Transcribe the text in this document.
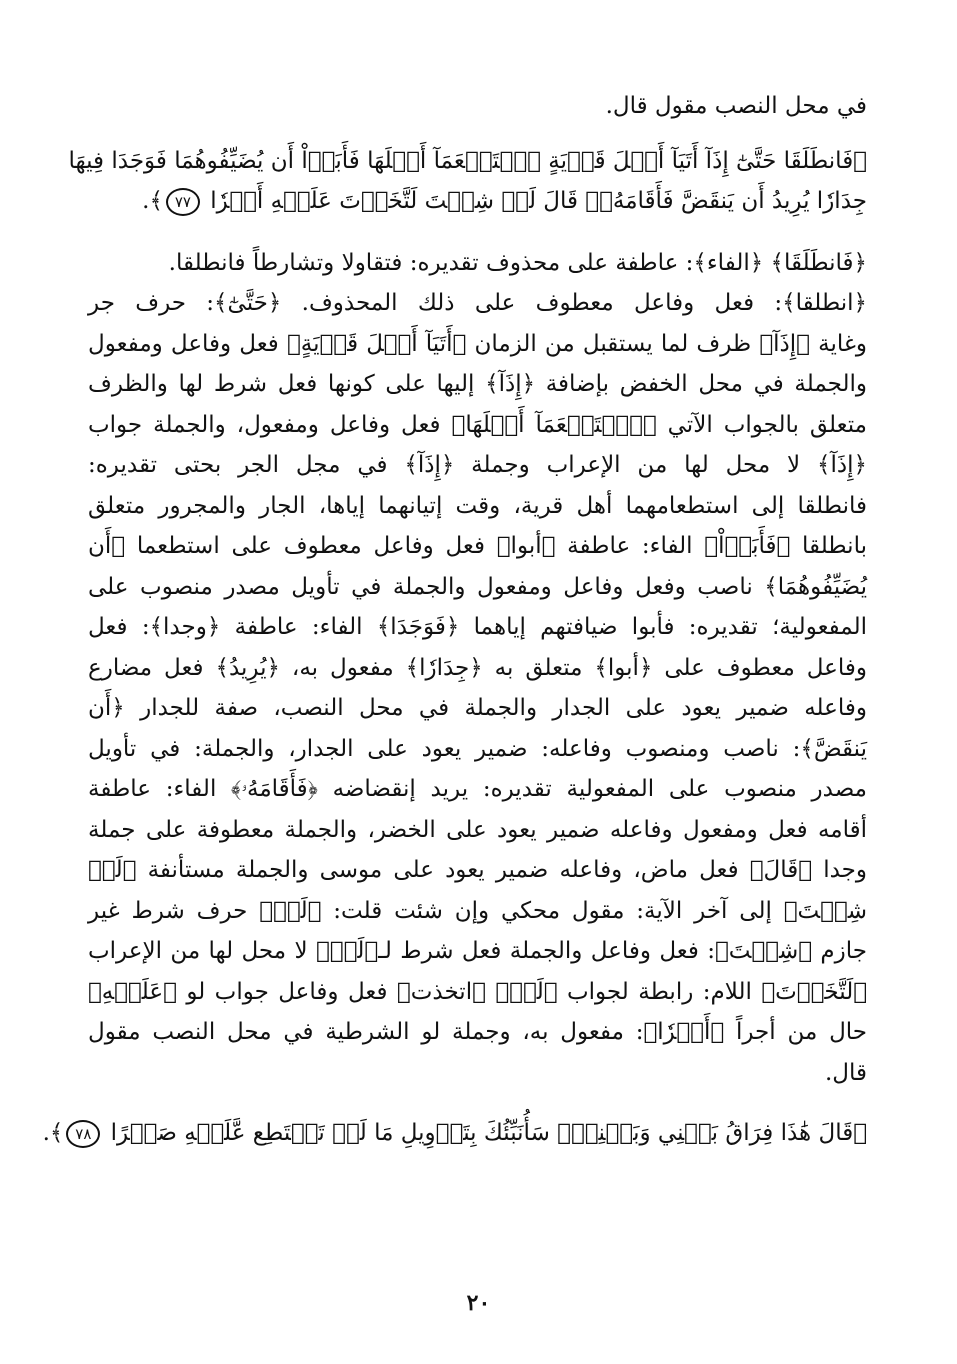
في محل النصب مقول قال.
﴿فَانطَلَقَا حَتَّىٰٓ إِذَآ أَتَيَآ أَهۡلَ قَرۡيَةٍ ٱسۡتَطۡعَمَآ أَهۡلَهَا فَأَبَوۡاْ أَن يُضَيِّفُوهُمَا فَوَجَدَا فِيهَا
جِدَارٗا يُرِيدُ أَن يَنقَضَّ فَأَقَامَهُۥۖ قَالَ لَوۡ شِئۡتَ لَتَّخَذۡتَ عَلَيۡهِ أَجۡرٗا ٧٧﴾.
﴿فَانطَلَقَا﴾ ﴿الفاء﴾: عاطفة على محذوف تقديره: فتقاولا وتشارطاً فانطلقا.
﴿انطلقا﴾: فعل وفاعل معطوف على ذلك المحذوف. ﴿حَتَّىٰٓ﴾: حرف جر
وغاية ﴿إِذَآ﴾ ظرف لما يستقبل من الزمان ﴿أَتَيَآ أَهۡلَ قَرۡيَةٍ﴾ فعل وفاعل ومفعول
والجملة في محل الخفض بإضافة ﴿إِذَآ﴾ إليها على كونها فعل شرط لها والظرف
متعلق بالجواب الآتي ﴿ٱسۡتَطۡعَمَآ أَهۡلَهَا﴾ فعل وفاعل ومفعول، والجملة جواب
﴿إِذَآ﴾ لا محل لها من الإعراب وجملة ﴿إِذَآ﴾ في مجل الجر بحتى تقديره:
فانطلقا إلى استطعامهما أهل قرية، وقت إتيانهما إياها، الجار والمجرور متعلق
بانطلقا ﴿فَأَبَوۡاْ﴾ الفاء: عاطفة ﴿أبوا﴾ فعل وفاعل معطوف على استطعما ﴿أَن
يُضَيِّفُوهُمَا﴾ ناصب وفعل وفاعل ومفعول والجملة في تأويل مصدر منصوب على
المفعولية؛ تقديره: فأبوا ضيافتهم إياهما ﴿فَوَجَدَا﴾ الفاء: عاطفة ﴿وجدا﴾: فعل
وفاعل معطوف على ﴿أبوا﴾ متعلق به ﴿جِدَارٗا﴾ مفعول به، ﴿يُرِيدُ﴾ فعل مضارع
وفاعله ضمير يعود على الجدار والجملة في محل النصب، صفة للجدار ﴿أَن
يَنقَضَّ﴾: ناصب ومنصوب وفاعله: ضمير يعود على الجدار، والجملة: في تأويل
مصدر منصوب على المفعولية تقديره: يريد إنقضاضه ﴿فَأَقَامَهُۥ﴾ الفاء: عاطفة
أقامه فعل ومفعول وفاعله ضمير يعود على الخضر، والجملة معطوفة على جملة
وجدا ﴿قَالَ﴾ فعل ماض، وفاعله ضمير يعود على موسى والجملة مستأنفة ﴿لَوۡ
شِئۡتَ﴾ إلى آخر الآية: مقول محكي وإن شئت قلت: ﴿لَوۡ﴾ حرف شرط غير
جازم ﴿شِئۡتَ﴾: فعل وفاعل والجملة فعل شرط لـ﴿لَوۡ﴾ لا محل لها من الإعراب
﴿لَتَّخَذۡتَ﴾ اللام: رابطة لجواب ﴿لَوۡ﴾ ﴿اتخذت﴾ فعل وفاعل جواب لو ﴿عَلَيۡهِ﴾
حال من أجراً ﴿أَجۡرٗا﴾: مفعول به، وجملة لو الشرطية في محل النصب مقول
قال.
﴿قَالَ هَٰذَا فِرَاقُ بَيۡنِي وَبَيۡنِكَۚ سَأُنَبِّئُكَ بِتَأۡوِيلِ مَا لَمۡ تَسۡتَطِع عَّلَيۡهِ صَبۡرًا ٧٨﴾.
٢٠
